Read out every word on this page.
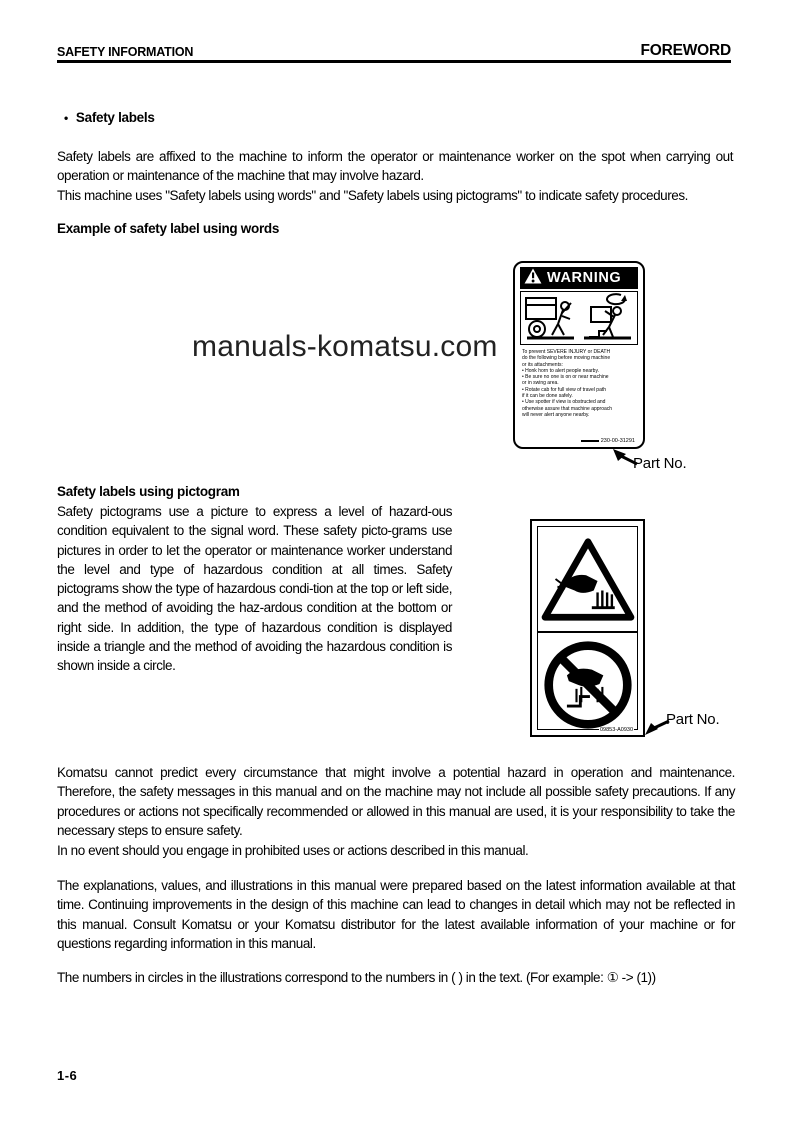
SAFETY INFORMATION	FOREWORD
• Safety labels
Safety labels are affixed to the machine to inform the operator or maintenance worker on the spot when carrying out operation or maintenance of the machine that may involve hazard.
This machine uses "Safety labels using words" and "Safety labels using pictograms" to indicate safety procedures.
Example of safety label using words
WARNING
To prevent SEVERE INJURY or DEATH
do the following before moving machine
or its attachments:
• Honk horn to alert people nearby.
• Be sure no one is on or near machine
or in swing area.
• Rotate cab for full view of travel path
if it can be done safely.
• Use spotter if view is obstructed and
otherwise assure that machine approach
will never alert anyone nearby.
230-00-31291
manuals-komatsu.com
Part No.
Safety labels using pictogram
Safety pictograms use a picture to express a level of hazard-ous condition equivalent to the signal word. These safety picto-grams use pictures in order to let the operator or maintenance worker understand the level and type of hazardous condition at all times. Safety pictograms show the type of hazardous condi-tion at the top or left side, and the method of avoiding the haz-ardous condition at the bottom or right side. In addition, the type of hazardous condition is displayed inside a triangle and the method of avoiding the hazardous condition is shown inside a circle.
09853-A0930
Part No.
Komatsu cannot predict every circumstance that might involve a potential hazard in operation and maintenance. Therefore, the safety messages in this manual and on the machine may not include all possible safety precautions. If any procedures or actions not specifically recommended or allowed in this manual are used, it is your responsibility to take the necessary steps to ensure safety.
In no event should you engage in prohibited uses or actions described in this manual.
The explanations, values, and illustrations in this manual were prepared based on the latest information available at that time. Continuing improvements in the design of this machine can lead to changes in detail which may not be reflected in this manual. Consult Komatsu or your Komatsu distributor for the latest available information of your machine or for questions regarding information in this manual.
The numbers in circles in the illustrations correspond to the numbers in ( ) in the text. (For example: ① -> (1))
1-6
